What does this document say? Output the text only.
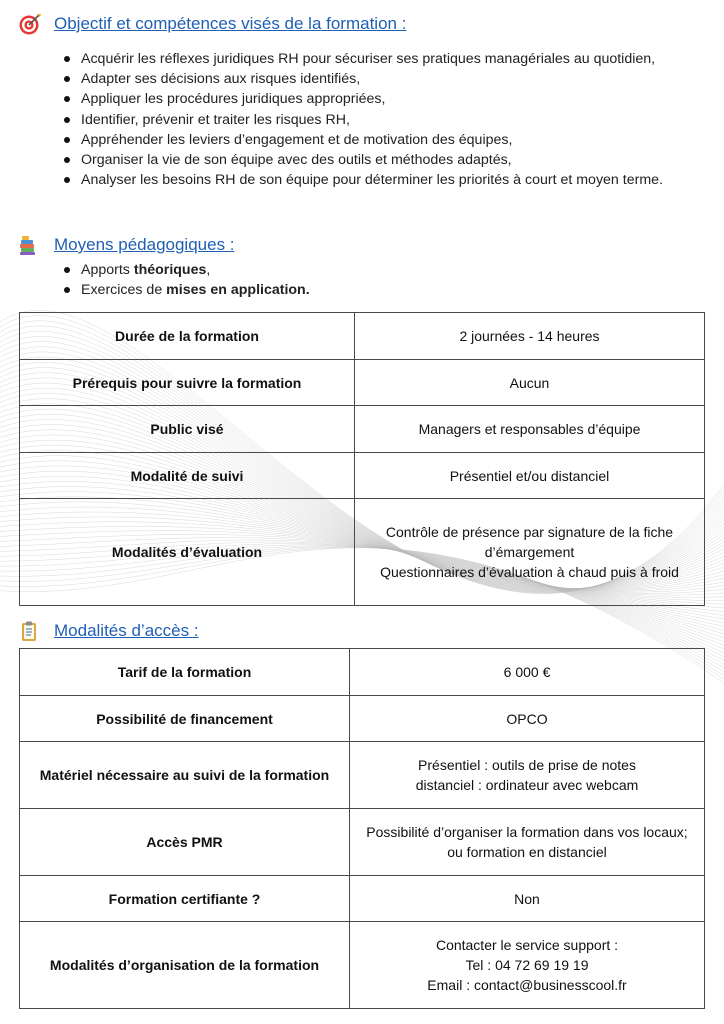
Objectif et compétences visés de la formation :
Acquérir les réflexes juridiques RH pour sécuriser ses pratiques managériales au quotidien,
Adapter ses décisions aux risques identifiés,
Appliquer les procédures juridiques appropriées,
Identifier, prévenir et traiter les risques RH,
Appréhender les leviers d’engagement et de motivation des équipes,
Organiser la vie de son équipe avec des outils et méthodes adaptés,
Analyser les besoins RH de son équipe pour déterminer les priorités à court et moyen terme.
Moyens pédagogiques :
Apports théoriques,
Exercices de mises en application.
Durée de la formation	2 journées - 14 heures

Prérequis pour suivre la formation	Aucun

Public visé	Managers et responsables d’équipe

Modalité de suivi	Présentiel et/ou distanciel

Modalités d’évaluation	Contrôle de présence par signature de la fiche d’émargement
Questionnaires d’évaluation à chaud puis à froid
Modalités d’accès :
Tarif de la formation	6 000 €

Possibilité de financement	OPCO

Matériel nécessaire au suivi de la formation	Présentiel : outils de prise de notes
distanciel : ordinateur avec webcam

Accès PMR	Possibilité d’organiser la formation dans vos locaux; ou formation en distanciel

Formation certifiante ?	Non

Modalités d’organisation de la formation	Contacter le service support :
Tel : 04 72 69 19 19
Email : contact@businesscool.fr
